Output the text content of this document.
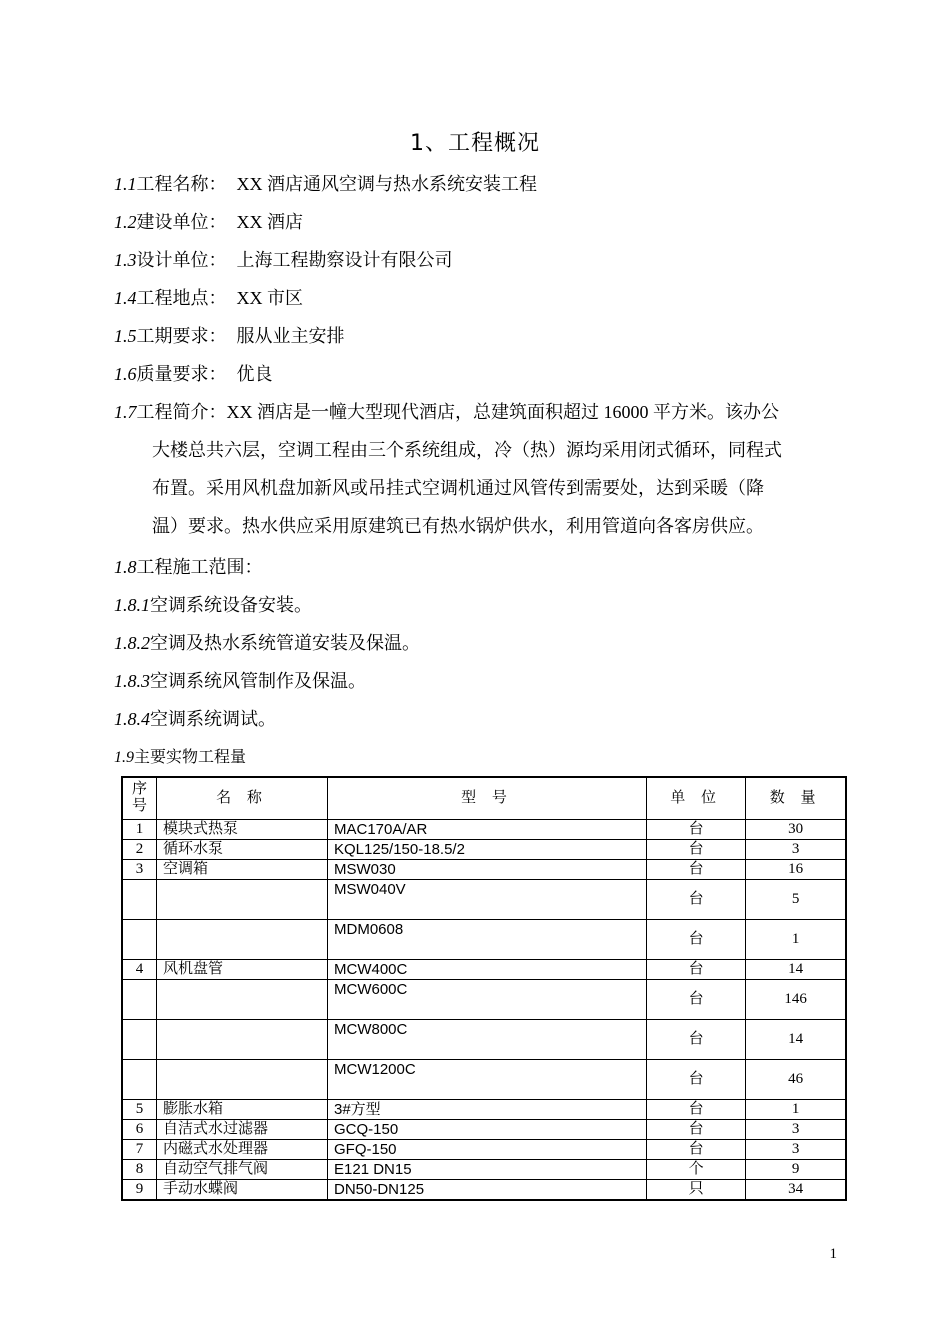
1、工程概况
1.1工程名称： XX 酒店通风空调与热水系统安装工程
1.2建设单位： XX 酒店
1.3设计单位： 上海工程勘察设计有限公司
1.4工程地点： XX 市区
1.5工期要求： 服从业主安排
1.6质量要求： 优良
1.7工程简介：XX 酒店是一幢大型现代酒店，总建筑面积超过 16000 平方米。该办公
大楼总共六层，空调工程由三个系统组成，冷（热）源均采用闭式循环，同程式
布置。采用风机盘加新风或吊挂式空调机通过风管传到需要处，达到采暖（降
温）要求。热水供应采用原建筑已有热水锅炉供水，利用管道向各客房供应。
1.8工程施工范围：
1.8.1空调系统设备安装。
1.8.2空调及热水系统管道安装及保温。
1.8.3空调系统风管制作及保温。
1.8.4空调系统调试。
1.9主要实物工程量
序号	名 称	型 号	单 位	数 量
1	模块式热泵	MAC170A/AR	台	30
2	循环水泵	KQL125/150-18.5/2	台	3
3	空调箱	MSW030	台	16
		MSW040V	台	5
		MDM0608	台	1
4	风机盘管	MCW400C	台	14
		MCW600C	台	146
		MCW800C	台	14
		MCW1200C	台	46
5	膨胀水箱	3#方型	台	1
6	自洁式水过滤器	GCQ-150	台	3
7	内磁式水处理器	GFQ-150	台	3
8	自动空气排气阀	E121 DN15	个	9
9	手动水蝶阀	DN50-DN125	只	34
1
